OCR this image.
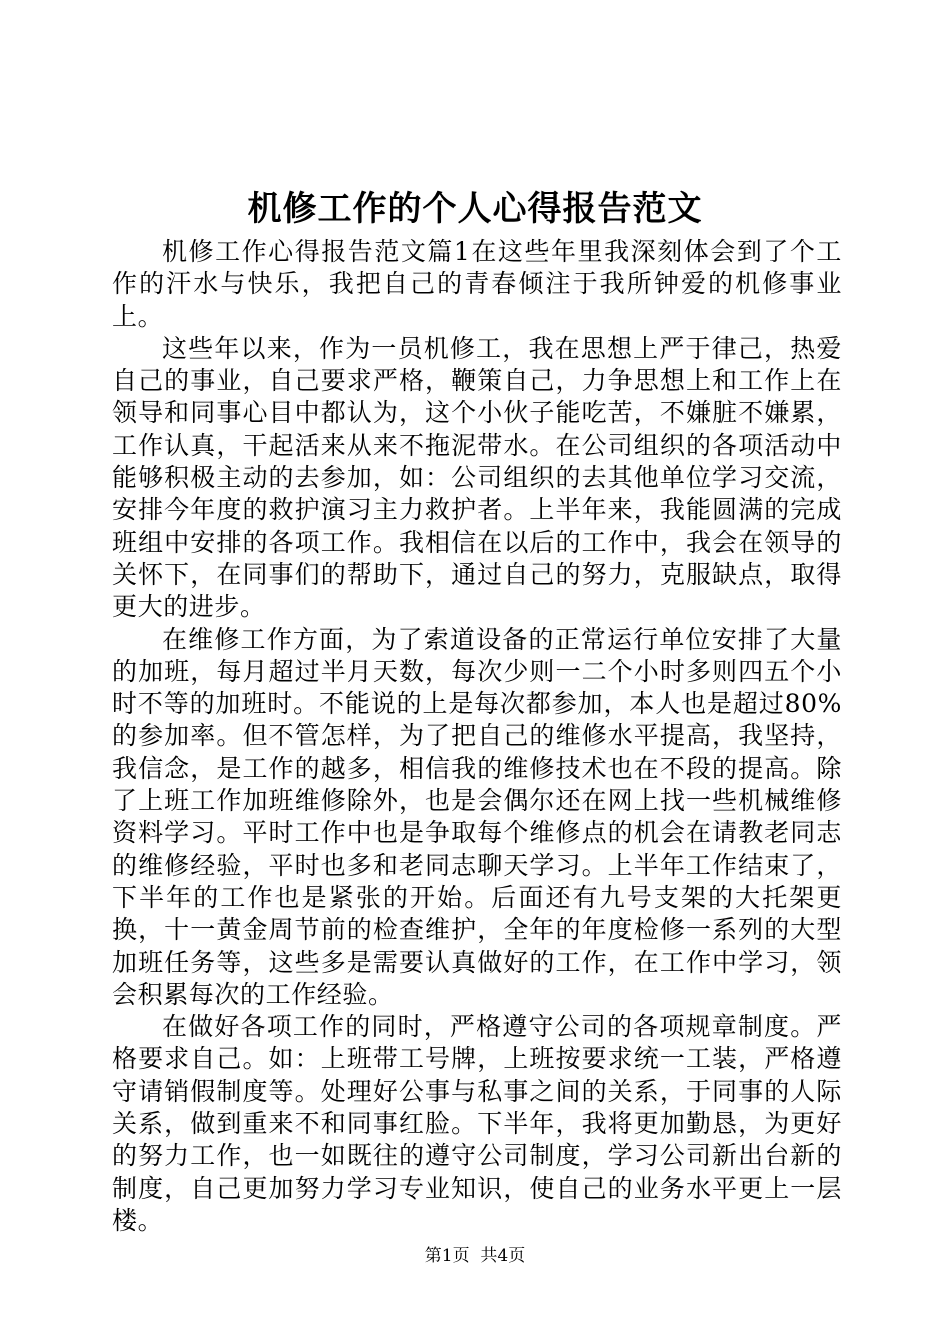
机修工作的个人心得报告范文

机修工作心得报告范文篇1在这些年里我深刻体会到了个工作的汗水与快乐，我把自己的青春倾注于我所钟爱的机修事业上。

这些年以来，作为一员机修工，我在思想上严于律己，热爱自己的事业，自己要求严格，鞭策自己，力争思想上和工作上在领导和同事心目中都认为，这个小伙子能吃苦，不嫌脏不嫌累，工作认真，干起活来从来不拖泥带水。在公司组织的各项活动中能够积极主动的去参加，如：公司组织的去其他单位学习交流，安排今年度的救护演习主力救护者。上半年来，我能圆满的完成班组中安排的各项工作。我相信在以后的工作中，我会在领导的关怀下，在同事们的帮助下，通过自己的努力，克服缺点，取得更大的进步。

在维修工作方面，为了索道设备的正常运行单位安排了大量的加班，每月超过半月天数，每次少则一二个小时多则四五个小时不等的加班时。不能说的上是每次都参加，本人也是超过80%的参加率。但不管怎样，为了把自己的维修水平提高，我坚持，我信念，是工作的越多，相信我的维修技术也在不段的提高。除了上班工作加班维修除外，也是会偶尔还在网上找一些机械维修资料学习。平时工作中也是争取每个维修点的机会在请教老同志的维修经验，平时也多和老同志聊天学习。上半年工作结束了，下半年的工作也是紧张的开始。后面还有九号支架的大托架更换，十一黄金周节前的检查维护，全年的年度检修一系列的大型加班任务等，这些多是需要认真做好的工作，在工作中学习，领会积累每次的工作经验。

在做好各项工作的同时，严格遵守公司的各项规章制度。严格要求自己。如：上班带工号牌，上班按要求统一工装，严格遵守请销假制度等。处理好公事与私事之间的关系，于同事的人际关系，做到重来不和同事红脸。下半年，我将更加勤恳，为更好的努力工作，也一如既往的遵守公司制度，学习公司新出台新的制度，自己更加努力学习专业知识，使自己的业务水平更上一层楼。

第1页 共4页
